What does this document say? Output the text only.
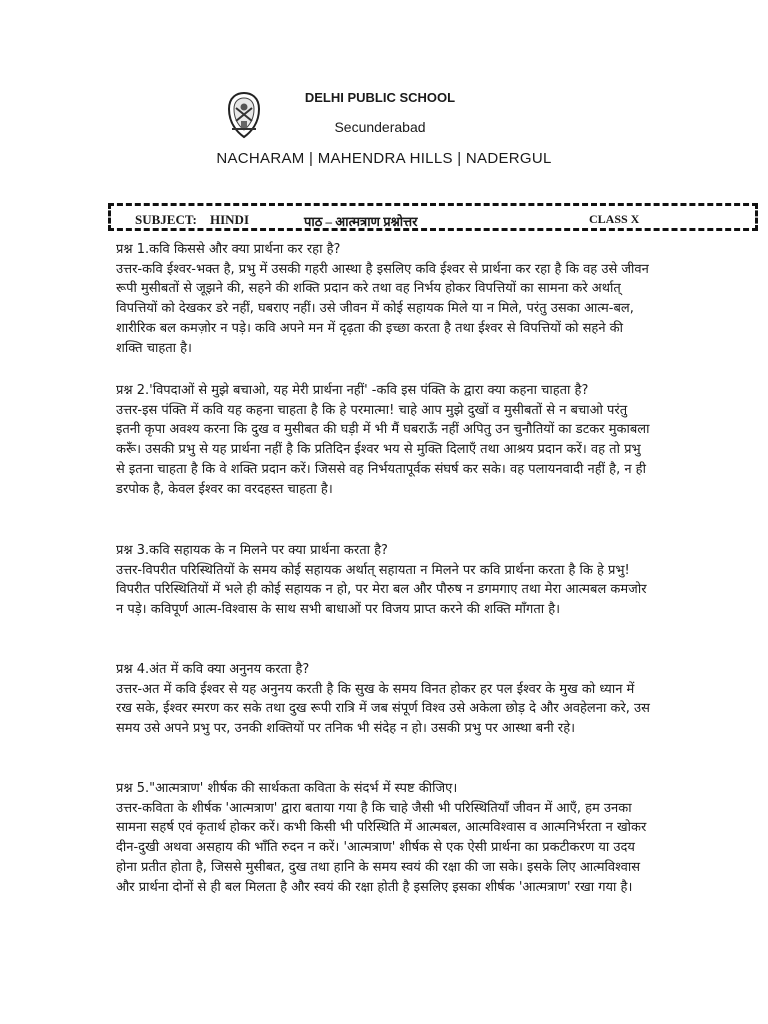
DELHI PUBLIC SCHOOL
Secunderabad
NACHARAM | MAHENDRA HILLS | NADERGUL
SUBJECT: HINDI	पाठ – आत्मत्राण प्रश्नोत्तर	CLASS X

प्रश्न 1.कवि किससे और क्या प्रार्थना कर रहा है?

उत्तर-कवि ईश्वर-भक्त है, प्रभु में उसकी गहरी आस्था है इसलिए कवि ईश्वर से प्रार्थना कर रहा है कि वह उसे जीवन रूपी मुसीबतों से जूझने की, सहने की शक्ति प्रदान करे तथा वह निर्भय होकर विपत्तियों का सामना करे अर्थात् विपत्तियों को देखकर डरे नहीं, घबराए नहीं। उसे जीवन में कोई सहायक मिले या न मिले, परंतु उसका आत्म-बल, शारीरिक बल कमज़ोर न पड़े। कवि अपने मन में दृढ़ता की इच्छा करता है तथा ईश्वर से विपत्तियों को सहने की शक्ति चाहता है।

प्रश्न 2.'विपदाओं से मुझे बचाओ, यह मेरी प्रार्थना नहीं' -कवि इस पंक्ति के द्वारा क्या कहना चाहता है?

उत्तर-इस पंक्ति में कवि यह कहना चाहता है कि हे परमात्मा! चाहे आप मुझे दुखों व मुसीबतों से न बचाओ परंतु इतनी कृपा अवश्य करना कि दुख व मुसीबत की घड़ी में भी मैं घबराऊँ नहीं अपितु उन चुनौतियों का डटकर मुकाबला करूँ। उसकी प्रभु से यह प्रार्थना नहीं है कि प्रतिदिन ईश्वर भय से मुक्ति दिलाएँ तथा आश्रय प्रदान करें। वह तो प्रभु से इतना चाहता है कि वे शक्ति प्रदान करें। जिससे वह निर्भयतापूर्वक संघर्ष कर सके। वह पलायनवादी नहीं है, न ही डरपोक है, केवल ईश्वर का वरदहस्त चाहता है।

प्रश्न 3.कवि सहायक के न मिलने पर क्या प्रार्थना करता है?

उत्तर-विपरीत परिस्थितियों के समय कोई सहायक अर्थात् सहायता न मिलने पर कवि प्रार्थना करता है कि हे प्रभु! विपरीत परिस्थितियों में भले ही कोई सहायक न हो, पर मेरा बल और पौरुष न डगमगाए तथा मेरा आत्मबल कमजोर न पड़े। कविपूर्ण आत्म-विश्वास के साथ सभी बाधाओं पर विजय प्राप्त करने की शक्ति माँगता है।

प्रश्न 4.अंत में कवि क्या अनुनय करता है?

उत्तर-अत में कवि ईश्वर से यह अनुनय करती है कि सुख के समय विनत होकर हर पल ईश्वर के मुख को ध्यान में रख सके, ईश्वर स्मरण कर सके तथा दुख रूपी रात्रि में जब संपूर्ण विश्व उसे अकेला छोड़ दे और अवहेलना करे, उस समय उसे अपने प्रभु पर, उनकी शक्तियों पर तनिक भी संदेह न हो। उसकी प्रभु पर आस्था बनी रहे।

प्रश्न 5."आत्मत्राण' शीर्षक की सार्थकता कविता के संदर्भ में स्पष्ट कीजिए।

उत्तर-कविता के शीर्षक 'आत्मत्राण' द्वारा बताया गया है कि चाहे जैसी भी परिस्थितियाँ जीवन में आएँ, हम उनका सामना सहर्ष एवं कृतार्थ होकर करें। कभी किसी भी परिस्थिति में आत्मबल, आत्मविश्वास व आत्मनिर्भरता न खोकर दीन-दुखी अथवा असहाय की भाँति रुदन न करें। 'आत्मत्राण' शीर्षक से एक ऐसी प्रार्थना का प्रकटीकरण या उदय होना प्रतीत होता है, जिससे मुसीबत, दुख तथा हानि के समय स्वयं की रक्षा की जा सके। इसके लिए आत्मविश्वास और प्रार्थना दोनों से ही बल मिलता है और स्वयं की रक्षा होती है इसलिए इसका शीर्षक 'आत्मत्राण' रखा गया है।
